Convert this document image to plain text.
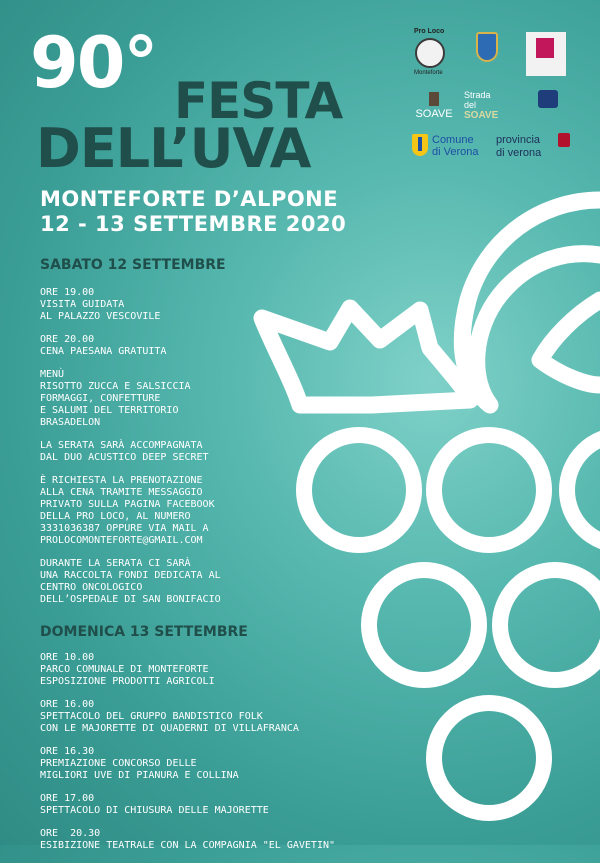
90° FESTA
DELL’UVA
MONTEFORTE D’ALPONE
12 - 13 SETTEMBRE 2020
Pro Loco
Monteforte
SOAVE
Strada
del
SOAVE
Comune
di Verona
provincia
di verona
SABATO 12 SETTEMBRE
ORE 19.00
VISITA GUIDATA
AL PALAZZO VESCOVILE
ORE 20.00
CENA PAESANA GRATUITA
MENÙ
RISOTTO ZUCCA E SALSICCIA
FORMAGGI, CONFETTURE
E SALUMI DEL TERRITORIO
BRASADELON
LA SERATA SARÀ ACCOMPAGNATA
DAL DUO ACUSTICO DEEP SECRET
È RICHIESTA LA PRENOTAZIONE
ALLA CENA TRAMITE MESSAGGIO
PRIVATO SULLA PAGINA FACEBOOK
DELLA PRO LOCO, AL NUMERO
3331036387 OPPURE VIA MAIL A
PROLOCOMONTEFORTE@GMAIL.COM
DURANTE LA SERATA CI SARÀ
UNA RACCOLTA FONDI DEDICATA AL
CENTRO ONCOLOGICO
DELL’OSPEDALE DI SAN BONIFACIO
DOMENICA 13 SETTEMBRE
ORE 10.00
PARCO COMUNALE DI MONTEFORTE
ESPOSIZIONE PRODOTTI AGRICOLI
ORE 16.00
SPETTACOLO DEL GRUPPO BANDISTICO FOLK
CON LE MAJORETTE DI QUADERNI DI VILLAFRANCA
ORE 16.30
PREMIAZIONE CONCORSO DELLE
MIGLIORI UVE DI PIANURA E COLLINA
ORE 17.00
SPETTACOLO DI CHIUSURA DELLE MAJORETTE
ORE  20.30
ESIBIZIONE TEATRALE CON LA COMPAGNIA "EL GAVETIN"
